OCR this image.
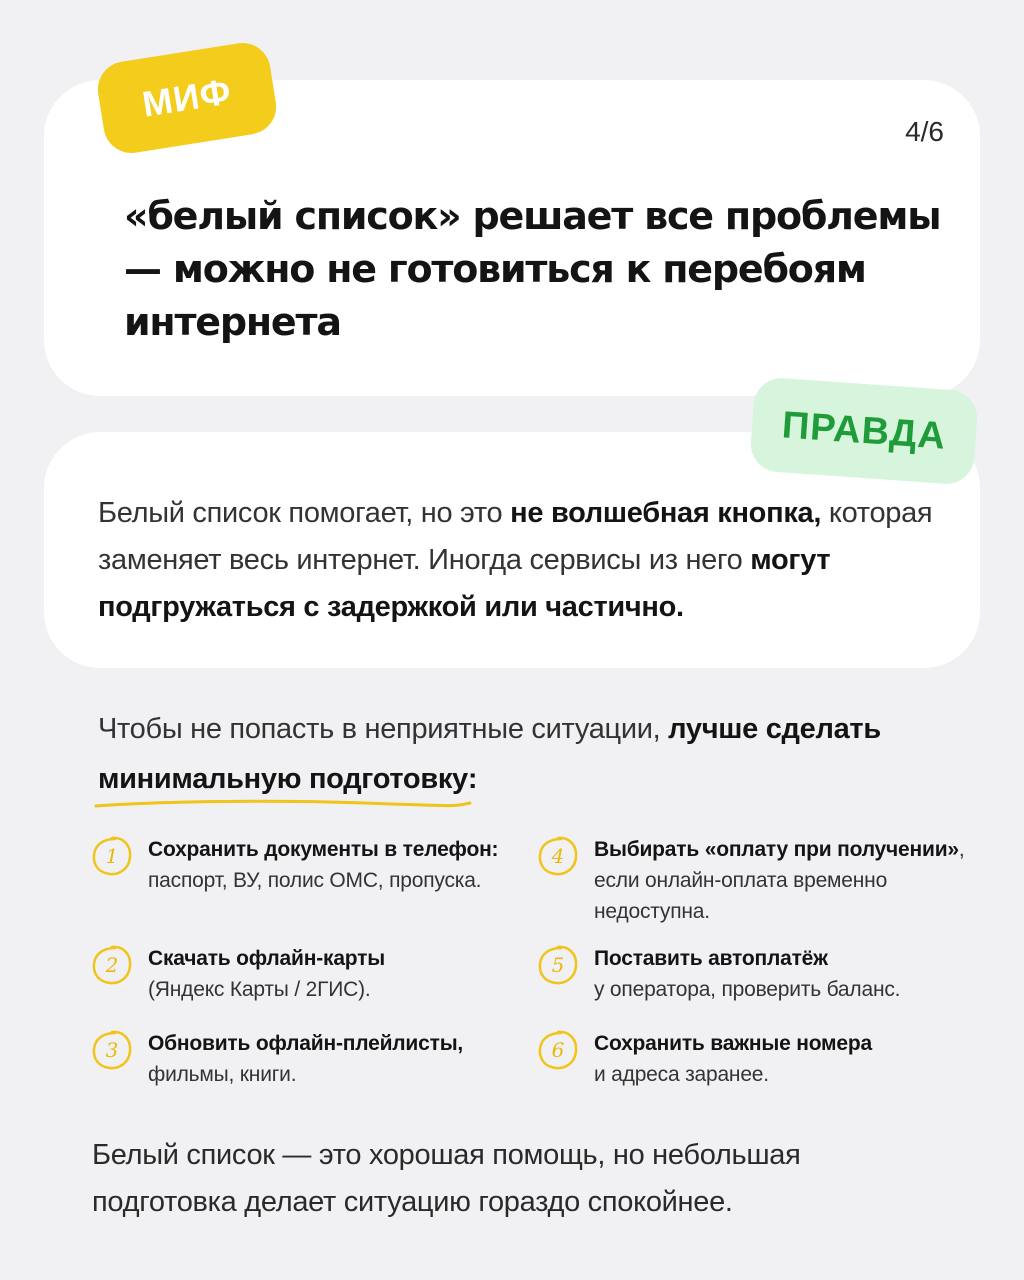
МИФ
4/6
«белый список» решает все проблемы — можно не готовиться к перебоям интернета
Белый список помогает, но это не волшебная кнопка, которая заменяет весь интернет. Иногда сервисы из него могут подгружаться с задержкой или частично.
ПРАВДА
Чтобы не попасть в неприятные ситуации, лучше сделать минимальную подготовку
:
1	Сохранить документы в телефон: паспорт, ВУ, полис ОМС, пропуска.
2	Скачать офлайн-карты
(Яндекс Карты / 2ГИС).
3	Обновить офлайн-плейлисты,
фильмы, книги.
4	Выбирать «оплату при получении», если онлайн-оплата временно недоступна.
5	Поставить автоплатёж
у оператора, проверить баланс.
6	Сохранить важные номера
и адреса заранее.
Белый список — это хорошая помощь, но небольшая подготовка делает ситуацию гораздо спокойнее.
